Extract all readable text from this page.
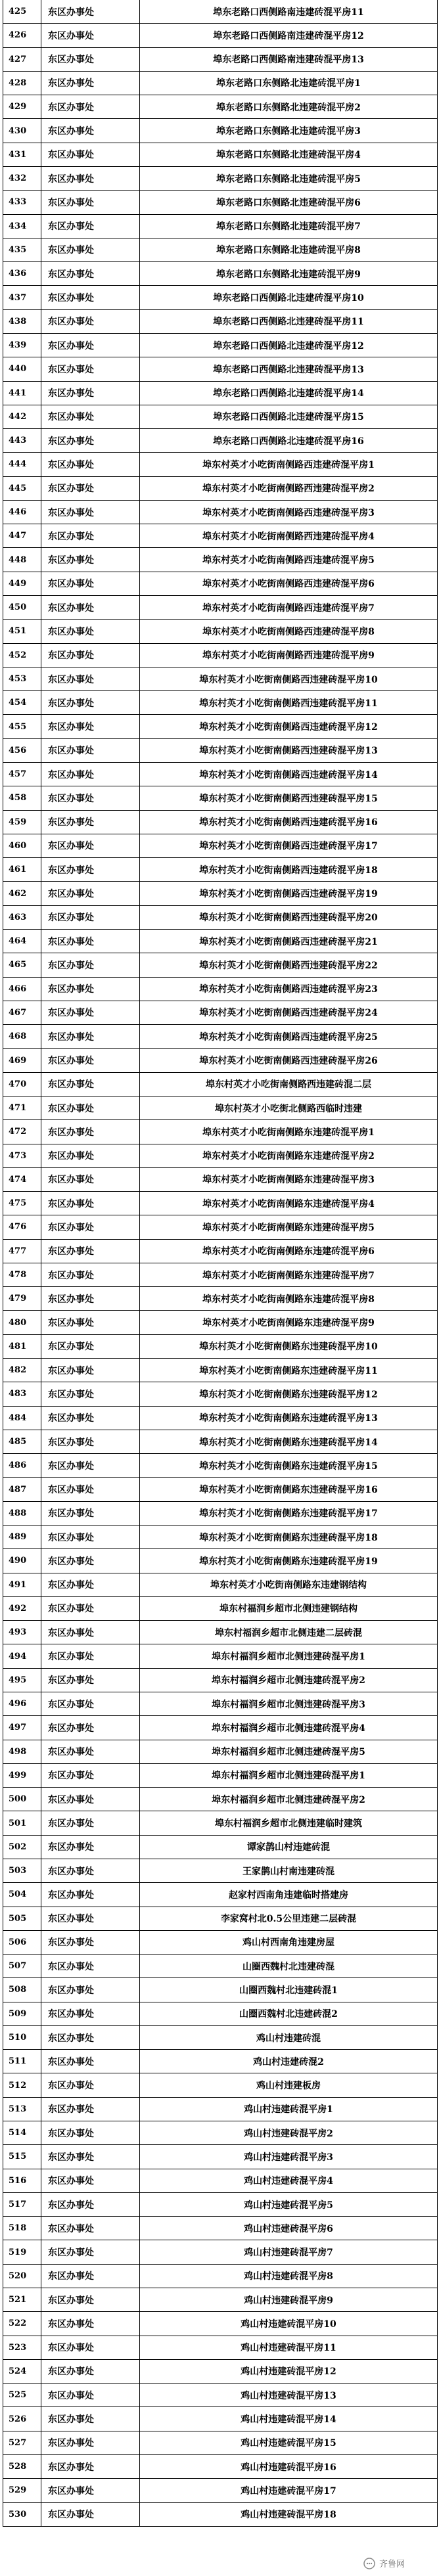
425	东区办事处	埠东老路口西侧路南违建砖混平房11
426	东区办事处	埠东老路口西侧路南违建砖混平房12
427	东区办事处	埠东老路口西侧路南违建砖混平房13
428	东区办事处	埠东老路口东侧路北违建砖混平房1
429	东区办事处	埠东老路口东侧路北违建砖混平房2
430	东区办事处	埠东老路口东侧路北违建砖混平房3
431	东区办事处	埠东老路口东侧路北违建砖混平房4
432	东区办事处	埠东老路口东侧路北违建砖混平房5
433	东区办事处	埠东老路口东侧路北违建砖混平房6
434	东区办事处	埠东老路口东侧路北违建砖混平房7
435	东区办事处	埠东老路口东侧路北违建砖混平房8
436	东区办事处	埠东老路口东侧路北违建砖混平房9
437	东区办事处	埠东老路口西侧路北违建砖混平房10
438	东区办事处	埠东老路口西侧路北违建砖混平房11
439	东区办事处	埠东老路口西侧路北违建砖混平房12
440	东区办事处	埠东老路口西侧路北违建砖混平房13
441	东区办事处	埠东老路口西侧路北违建砖混平房14
442	东区办事处	埠东老路口西侧路北违建砖混平房15
443	东区办事处	埠东老路口西侧路北违建砖混平房16
444	东区办事处	埠东村英才小吃街南侧路西违建砖混平房1
445	东区办事处	埠东村英才小吃街南侧路西违建砖混平房2
446	东区办事处	埠东村英才小吃街南侧路西违建砖混平房3
447	东区办事处	埠东村英才小吃街南侧路西违建砖混平房4
448	东区办事处	埠东村英才小吃街南侧路西违建砖混平房5
449	东区办事处	埠东村英才小吃街南侧路西违建砖混平房6
450	东区办事处	埠东村英才小吃街南侧路西违建砖混平房7
451	东区办事处	埠东村英才小吃街南侧路西违建砖混平房8
452	东区办事处	埠东村英才小吃街南侧路西违建砖混平房9
453	东区办事处	埠东村英才小吃街南侧路西违建砖混平房10
454	东区办事处	埠东村英才小吃街南侧路西违建砖混平房11
455	东区办事处	埠东村英才小吃街南侧路西违建砖混平房12
456	东区办事处	埠东村英才小吃街南侧路西违建砖混平房13
457	东区办事处	埠东村英才小吃街南侧路西违建砖混平房14
458	东区办事处	埠东村英才小吃街南侧路西违建砖混平房15
459	东区办事处	埠东村英才小吃街南侧路西违建砖混平房16
460	东区办事处	埠东村英才小吃街南侧路西违建砖混平房17
461	东区办事处	埠东村英才小吃街南侧路西违建砖混平房18
462	东区办事处	埠东村英才小吃街南侧路西违建砖混平房19
463	东区办事处	埠东村英才小吃街南侧路西违建砖混平房20
464	东区办事处	埠东村英才小吃街南侧路西违建砖混平房21
465	东区办事处	埠东村英才小吃街南侧路西违建砖混平房22
466	东区办事处	埠东村英才小吃街南侧路西违建砖混平房23
467	东区办事处	埠东村英才小吃街南侧路西违建砖混平房24
468	东区办事处	埠东村英才小吃街南侧路西违建砖混平房25
469	东区办事处	埠东村英才小吃街南侧路西违建砖混平房26
470	东区办事处	埠东村英才小吃街南侧路西违建砖混二层
471	东区办事处	埠东村英才小吃街北侧路西临时违建
472	东区办事处	埠东村英才小吃街南侧路东违建砖混平房1
473	东区办事处	埠东村英才小吃街南侧路东违建砖混平房2
474	东区办事处	埠东村英才小吃街南侧路东违建砖混平房3
475	东区办事处	埠东村英才小吃街南侧路东违建砖混平房4
476	东区办事处	埠东村英才小吃街南侧路东违建砖混平房5
477	东区办事处	埠东村英才小吃街南侧路东违建砖混平房6
478	东区办事处	埠东村英才小吃街南侧路东违建砖混平房7
479	东区办事处	埠东村英才小吃街南侧路东违建砖混平房8
480	东区办事处	埠东村英才小吃街南侧路东违建砖混平房9
481	东区办事处	埠东村英才小吃街南侧路东违建砖混平房10
482	东区办事处	埠东村英才小吃街南侧路东违建砖混平房11
483	东区办事处	埠东村英才小吃街南侧路东违建砖混平房12
484	东区办事处	埠东村英才小吃街南侧路东违建砖混平房13
485	东区办事处	埠东村英才小吃街南侧路东违建砖混平房14
486	东区办事处	埠东村英才小吃街南侧路东违建砖混平房15
487	东区办事处	埠东村英才小吃街南侧路东违建砖混平房16
488	东区办事处	埠东村英才小吃街南侧路东违建砖混平房17
489	东区办事处	埠东村英才小吃街南侧路东违建砖混平房18
490	东区办事处	埠东村英才小吃街南侧路东违建砖混平房19
491	东区办事处	埠东村英才小吃街南侧路东违建钢结构
492	东区办事处	埠东村福润乡超市北侧违建钢结构
493	东区办事处	埠东村福润乡超市北侧违建二层砖混
494	东区办事处	埠东村福润乡超市北侧违建砖混平房1
495	东区办事处	埠东村福润乡超市北侧违建砖混平房2
496	东区办事处	埠东村福润乡超市北侧违建砖混平房3
497	东区办事处	埠东村福润乡超市北侧违建砖混平房4
498	东区办事处	埠东村福润乡超市北侧违建砖混平房5
499	东区办事处	埠东村福润乡超市北侧违建砖混平房1
500	东区办事处	埠东村福润乡超市北侧违建砖混平房2
501	东区办事处	埠东村福润乡超市北侧违建临时建筑
502	东区办事处	谭家鹊山村违建砖混
503	东区办事处	王家鹊山村南违建砖混
504	东区办事处	赵家村西南角违建临时搭建房
505	东区办事处	李家窝村北0.5公里违建二层砖混
506	东区办事处	鸡山村西南角违建房屋
507	东区办事处	山圈西魏村北违建砖混
508	东区办事处	山圈西魏村北违建砖混1
509	东区办事处	山圈西魏村北违建砖混2
510	东区办事处	鸡山村违建砖混
511	东区办事处	鸡山村违建砖混2
512	东区办事处	鸡山村违建板房
513	东区办事处	鸡山村违建砖混平房1
514	东区办事处	鸡山村违建砖混平房2
515	东区办事处	鸡山村违建砖混平房3
516	东区办事处	鸡山村违建砖混平房4
517	东区办事处	鸡山村违建砖混平房5
518	东区办事处	鸡山村违建砖混平房6
519	东区办事处	鸡山村违建砖混平房7
520	东区办事处	鸡山村违建砖混平房8
521	东区办事处	鸡山村违建砖混平房9
522	东区办事处	鸡山村违建砖混平房10
523	东区办事处	鸡山村违建砖混平房11
524	东区办事处	鸡山村违建砖混平房12
525	东区办事处	鸡山村违建砖混平房13
526	东区办事处	鸡山村违建砖混平房14
527	东区办事处	鸡山村违建砖混平房15
528	东区办事处	鸡山村违建砖混平房16
529	东区办事处	鸡山村违建砖混平房17
530	东区办事处	鸡山村违建砖混平房18
齐鲁网
